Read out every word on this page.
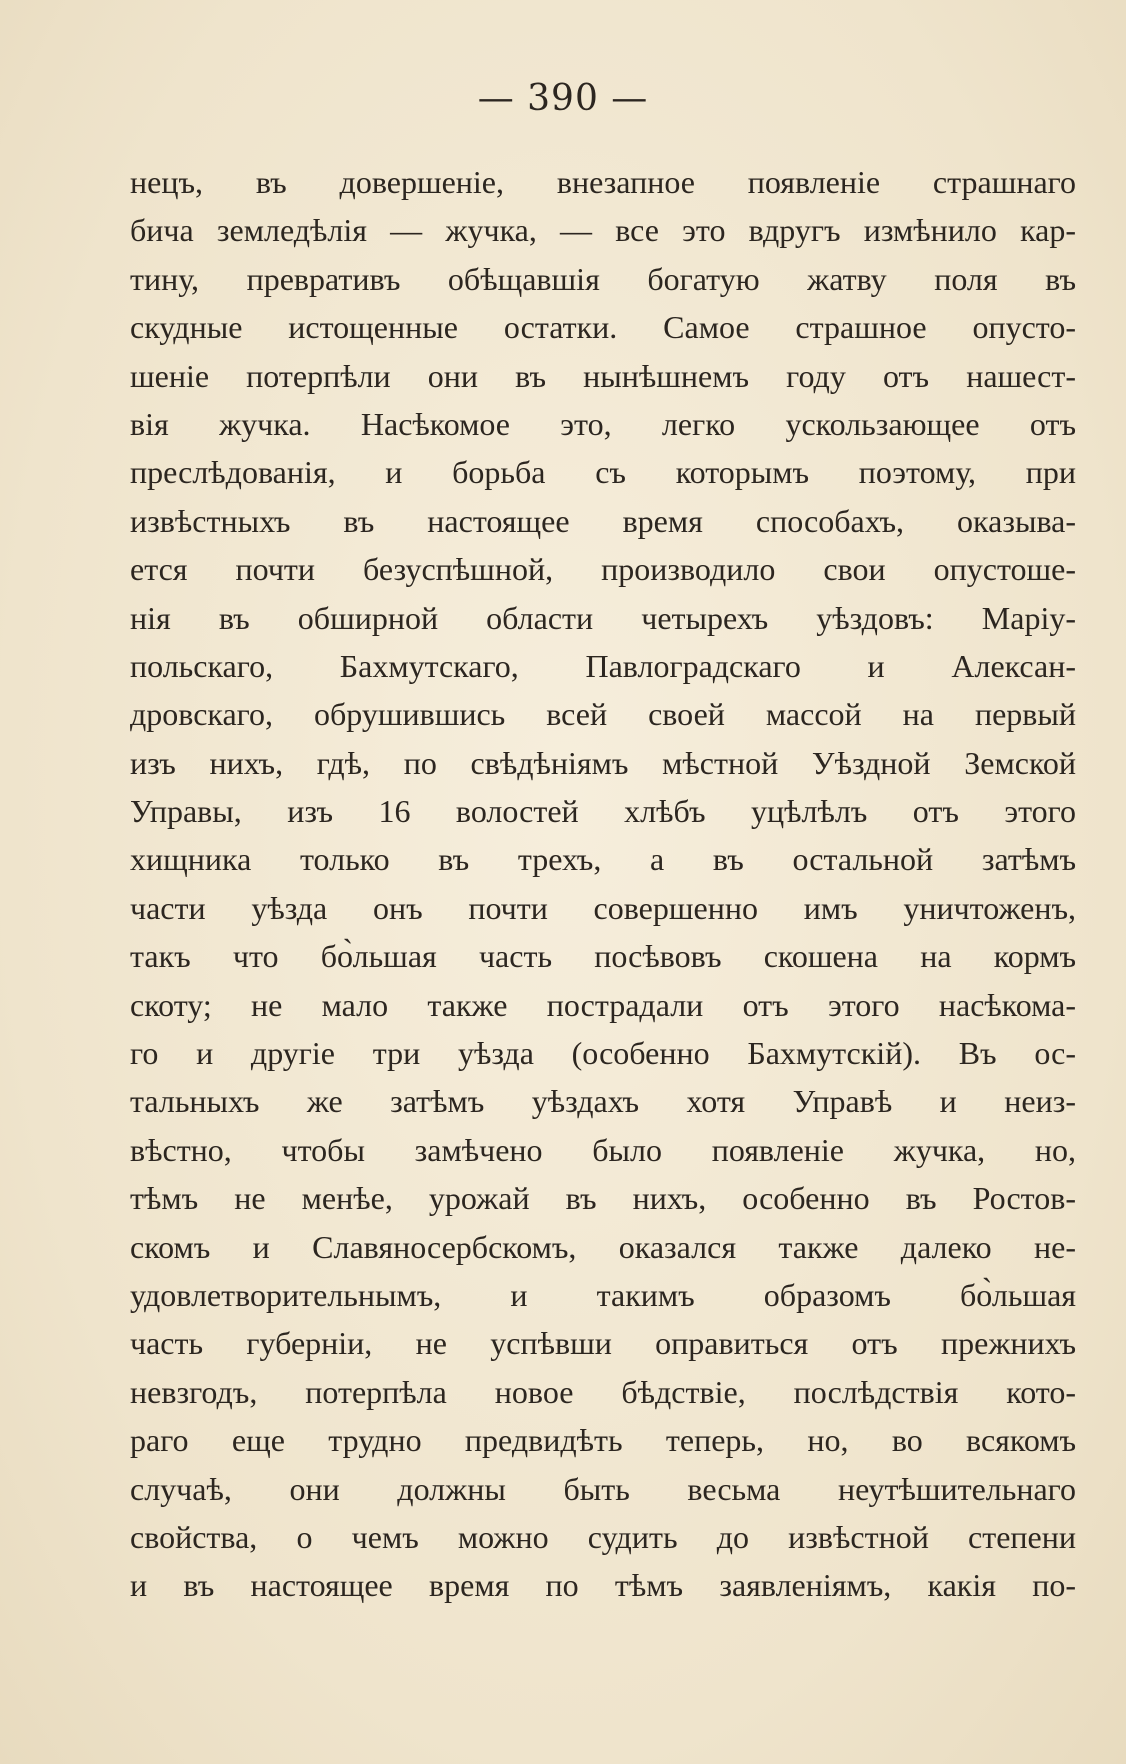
— 390 —
нецъ, въ довершеніе, внезапное появленіе страшнаго
бича земледѣлія — жучка, — все это вдругъ измѣнило кар-
тину, превративъ обѣщавшія богатую жатву поля въ
скудные истощенные остатки. Самое страшное опусто-
шеніе потерпѣли они въ нынѣшнемъ году отъ нашест-
вія жучка. Насѣкомое это, легко ускользающее отъ
преслѣдованія, и борьба съ которымъ поэтому, при
извѣстныхъ въ настоящее время способахъ, оказыва-
ется почти безуспѣшной, производило свои опустоше-
нія въ обширной области четырехъ уѣздовъ: Маріу-
польскаго, Бахмутскаго, Павлоградскаго и Алексан-
дровскаго, обрушившись всей своей массой на первый
изъ нихъ, гдѣ, по свѣдѣніямъ мѣстной Уѣздной Земской
Управы, изъ 16 волостей хлѣбъ уцѣлѣлъ отъ этого
хищника только въ трехъ, а въ остальной затѣмъ
части уѣзда онъ почти совершенно имъ уничтоженъ,
такъ что бо̀льшая часть посѣвовъ скошена на кормъ
скоту; не мало также пострадали отъ этого насѣкома-
го и другіе три уѣзда (особенно Бахмутскій). Въ ос-
тальныхъ же затѣмъ уѣздахъ хотя Управѣ и неиз-
вѣстно, чтобы замѣчено было появленіе жучка, но,
тѣмъ не менѣе, урожай въ нихъ, особенно въ Ростов-
скомъ и Славяносербскомъ, оказался также далеко не-
удовлетворительнымъ, и такимъ образомъ бо̀льшая
часть губерніи, не успѣвши оправиться отъ прежнихъ
невзгодъ, потерпѣла новое бѣдствіе, послѣдствія кото-
раго еще трудно предвидѣть теперь, но, во всякомъ
случаѣ, они должны быть весьма неутѣшительнаго
свойства, о чемъ можно судить до извѣстной степени
и въ настоящее время по тѣмъ заявленіямъ, какія по-
